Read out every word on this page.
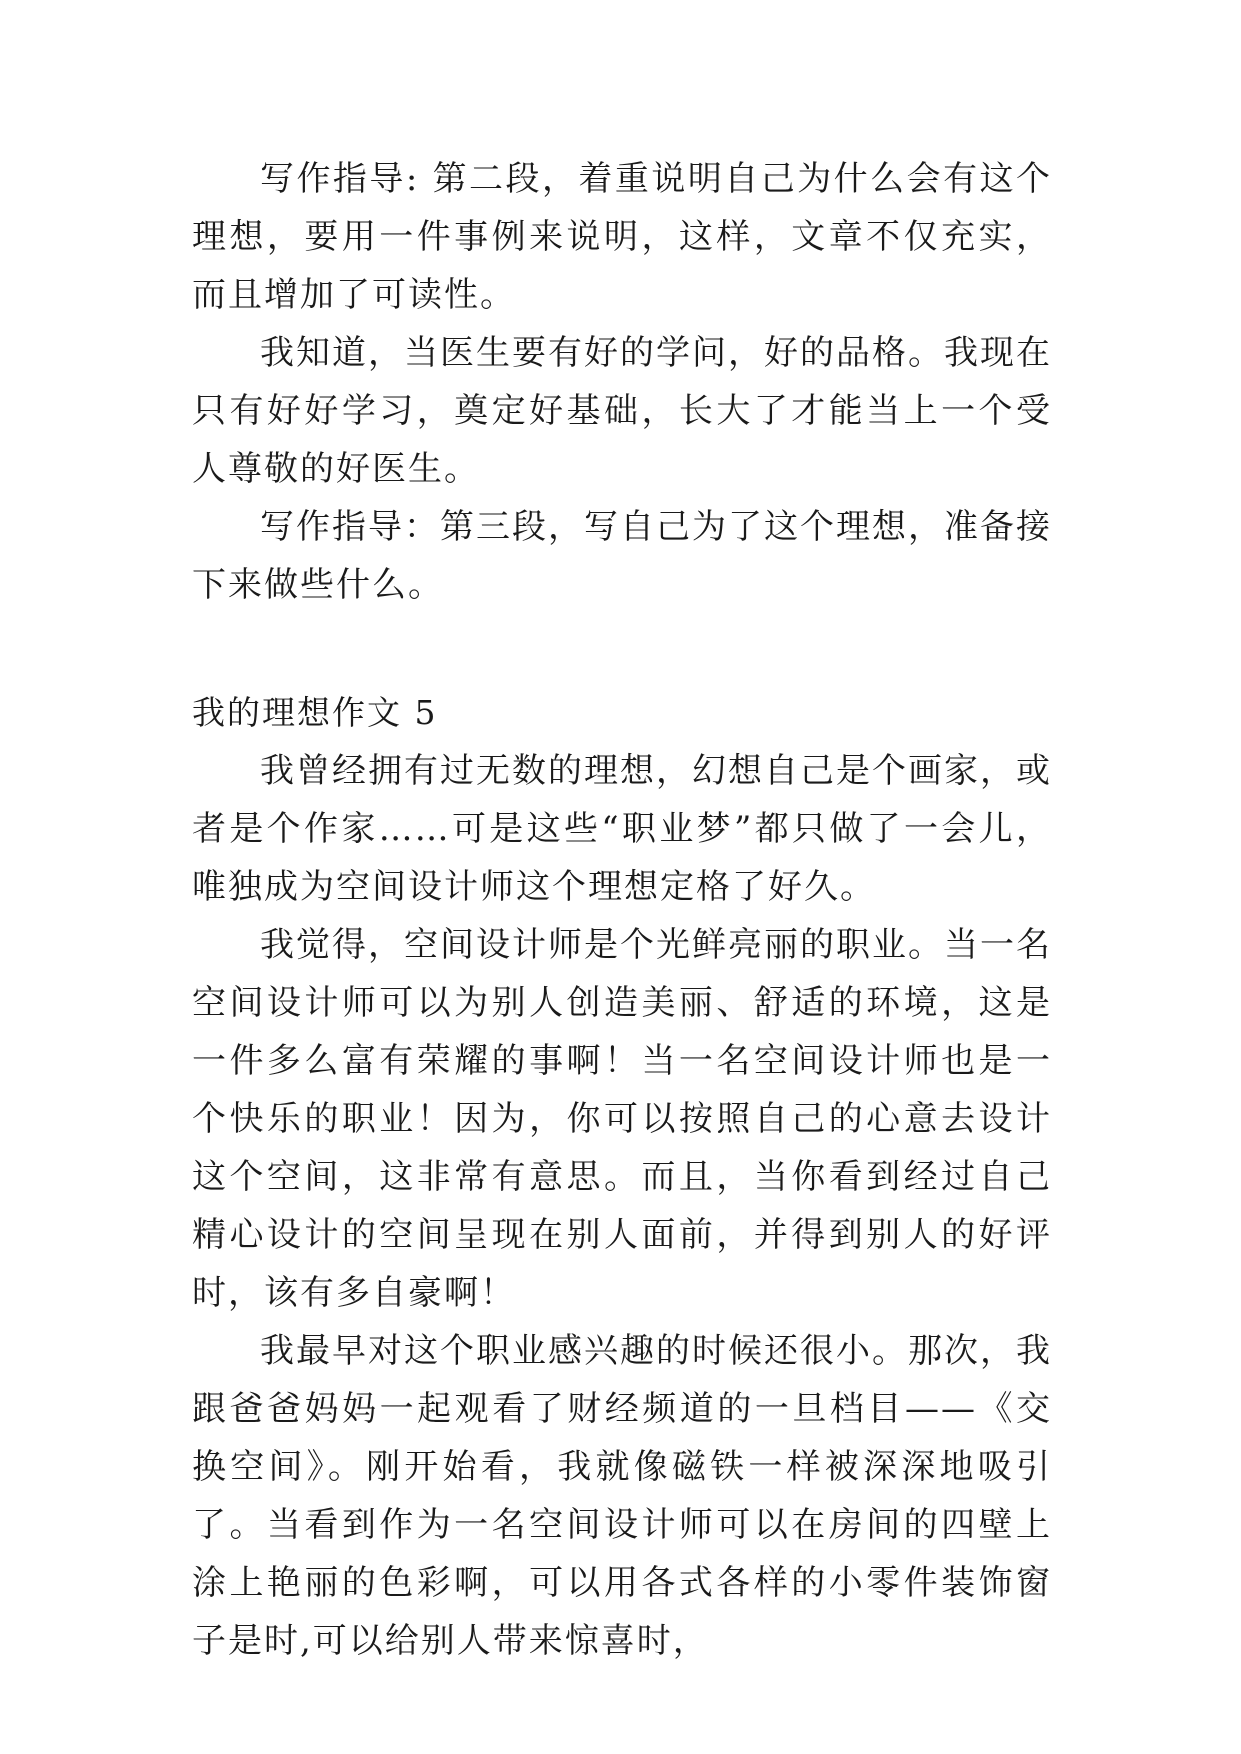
写作指导: 第二段，着重说明自己为什么会有这个理想，要用一件事例来说明，这样，文章不仅充实，而且增加了可读性。

我知道，当医生要有好的学问，好的品格。我现在只有好好学习，奠定好基础，长大了才能当上一个受人尊敬的好医生。

写作指导：第三段，写自己为了这个理想，准备接下来做些什么。

我的理想作文 5

我曾经拥有过无数的理想，幻想自己是个画家，或者是个作家……可是这些“职业梦”都只做了一会儿，唯独成为空间设计师这个理想定格了好久。

我觉得，空间设计师是个光鲜亮丽的职业。当一名空间设计师可以为别人创造美丽、舒适的环境，这是一件多么富有荣耀的事啊！当一名空间设计师也是一个快乐的职业！因为，你可以按照自己的心意去设计这个空间，这非常有意思。而且，当你看到经过自己精心设计的空间呈现在别人面前，并得到别人的好评时，该有多自豪啊！

我最早对这个职业感兴趣的时候还很小。那次，我跟爸爸妈妈一起观看了财经频道的一旦档目——《交换空间》。刚开始看，我就像磁铁一样被深深地吸引了。当看到作为一名空间设计师可以在房间的四壁上涂上艳丽的色彩啊，可以用各式各样的小零件装饰窗子是时,可以给别人带来惊喜时，
